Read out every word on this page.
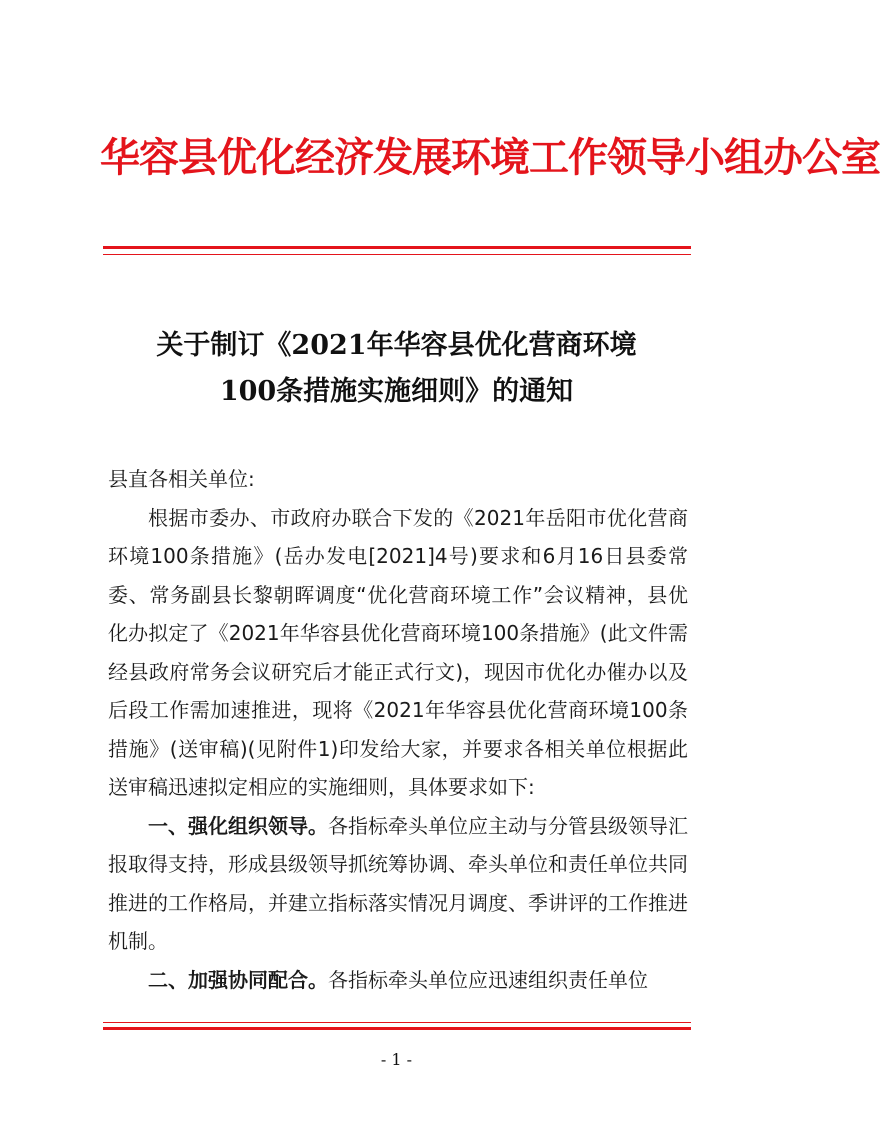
华容县优化经济发展环境工作领导小组办公室
关于制订《2021年华容县优化营商环境
100条措施实施细则》的通知

县直各相关单位:

根据市委办、市政府办联合下发的《2021年岳阳市优化营商环境100条措施》(岳办发电[2021]4号)要求和6月16日县委常委、常务副县长黎朝晖调度“优化营商环境工作”会议精神，县优化办拟定了《2021年华容县优化营商环境100条措施》(此文件需经县政府常务会议研究后才能正式行文)，现因市优化办催办以及后段工作需加速推进，现将《2021年华容县优化营商环境100条措施》(送审稿)(见附件1)印发给大家，并要求各相关单位根据此送审稿迅速拟定相应的实施细则，具体要求如下:

一、强化组织领导。各指标牵头单位应主动与分管县级领导汇报取得支持，形成县级领导抓统筹协调、牵头单位和责任单位共同推进的工作格局，并建立指标落实情况月调度、季讲评的工作推进机制。

二、加强协同配合。各指标牵头单位应迅速组织责任单位

- 1 -
